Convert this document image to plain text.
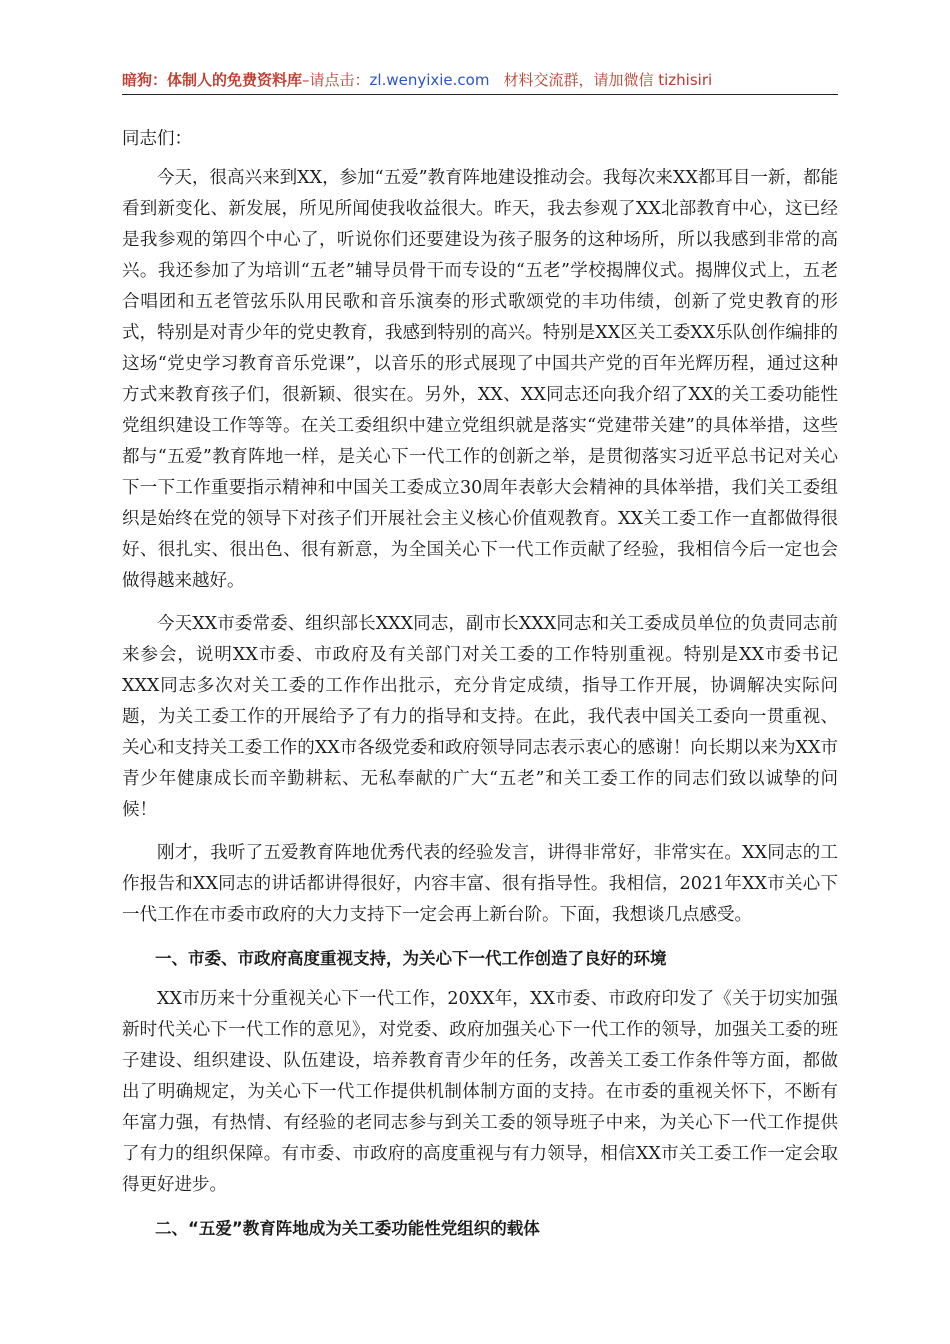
暗狗：体制人的免费资料库–请点击：zl.wenyixie.com 材料交流群，请加微信 tizhisiri

同志们：

今天，很高兴来到XX，参加“五爱”教育阵地建设推动会。我每次来XX都耳目一新，都能看到新变化、新发展，所见所闻使我收益很大。昨天，我去参观了XX北部教育中心，这已经是我参观的第四个中心了，听说你们还要建设为孩子服务的这种场所，所以我感到非常的高兴。我还参加了为培训“五老”辅导员骨干而专设的“五老”学校揭牌仪式。揭牌仪式上，五老合唱团和五老管弦乐队用民歌和音乐演奏的形式歌颂党的丰功伟绩，创新了党史教育的形式，特别是对青少年的党史教育，我感到特别的高兴。特别是XX区关工委XX乐队创作编排的这场“党史学习教育音乐党课”，以音乐的形式展现了中国共产党的百年光辉历程，通过这种方式来教育孩子们，很新颖、很实在。另外，XX、XX同志还向我介绍了XX的关工委功能性党组织建设工作等等。在关工委组织中建立党组织就是落实“党建带关建”的具体举措，这些都与“五爱”教育阵地一样，是关心下一代工作的创新之举，是贯彻落实习近平总书记对关心下一下工作重要指示精神和中国关工委成立30周年表彰大会精神的具体举措，我们关工委组织是始终在党的领导下对孩子们开展社会主义核心价值观教育。XX关工委工作一直都做得很好、很扎实、很出色、很有新意，为全国关心下一代工作贡献了经验，我相信今后一定也会做得越来越好。

今天XX市委常委、组织部长XXX同志，副市长XXX同志和关工委成员单位的负责同志前来参会，说明XX市委、市政府及有关部门对关工委的工作特别重视。特别是XX市委书记XXX同志多次对关工委的工作作出批示，充分肯定成绩，指导工作开展，协调解决实际问题，为关工委工作的开展给予了有力的指导和支持。在此，我代表中国关工委向一贯重视、关心和支持关工委工作的XX市各级党委和政府领导同志表示衷心的感谢！向长期以来为XX市青少年健康成长而辛勤耕耘、无私奉献的广大“五老”和关工委工作的同志们致以诚挚的问候！

刚才，我听了五爱教育阵地优秀代表的经验发言，讲得非常好，非常实在。XX同志的工作报告和XX同志的讲话都讲得很好，内容丰富、很有指导性。我相信，2021年XX市关心下一代工作在市委市政府的大力支持下一定会再上新台阶。下面，我想谈几点感受。

一、市委、市政府高度重视支持，为关心下一代工作创造了良好的环境

XX市历来十分重视关心下一代工作，20XX年，XX市委、市政府印发了《关于切实加强新时代关心下一代工作的意见》，对党委、政府加强关心下一代工作的领导，加强关工委的班子建设、组织建设、队伍建设，培养教育青少年的任务，改善关工委工作条件等方面，都做出了明确规定，为关心下一代工作提供机制体制方面的支持。在市委的重视关怀下，不断有年富力强，有热情、有经验的老同志参与到关工委的领导班子中来，为关心下一代工作提供了有力的组织保障。有市委、市政府的高度重视与有力领导，相信XX市关工委工作一定会取得更好进步。

二、“五爱”教育阵地成为关工委功能性党组织的载体
